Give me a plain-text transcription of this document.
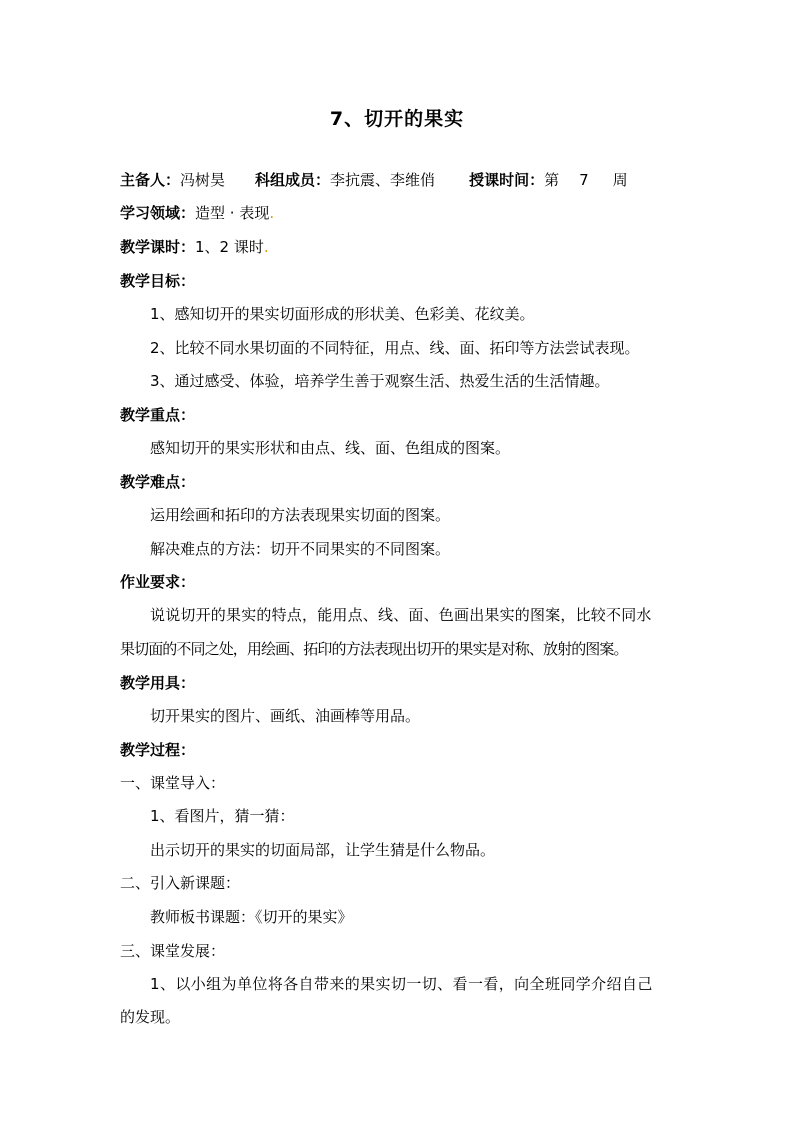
7、切开的果实
主备人：冯树昊 科组成员：李抗震、李维俏 授课时间：第 7 周
学习领域：造型 · 表现.
教学课时：1、2 课时.
教学目标：
1、感知切开的果实切面形成的形状美、色彩美、花纹美。
2、比较不同水果切面的不同特征，用点、线、面、拓印等方法尝试表现。
3、通过感受、体验，培养学生善于观察生活、热爱生活的生活情趣。
教学重点：
感知切开的果实形状和由点、线、面、色组成的图案。
教学难点：
运用绘画和拓印的方法表现果实切面的图案。
解决难点的方法：切开不同果实的不同图案。
作业要求：
说说切开的果实的特点，能用点、线、面、色画出果实的图案，比较不同水
果切面的不同之处，用绘画、拓印的方法表现出切开的果实是对称、放射的图案。
教学用具：
切开果实的图片、画纸、油画棒等用品。
教学过程：
一、课堂导入：
1、看图片，猜一猜：
出示切开的果实的切面局部，让学生猜是什么物品。
二、引入新课题：
教师板书课题：《切开的果实》
三、课堂发展：
1、以小组为单位将各自带来的果实切一切、看一看，向全班同学介绍自己
的发现。
